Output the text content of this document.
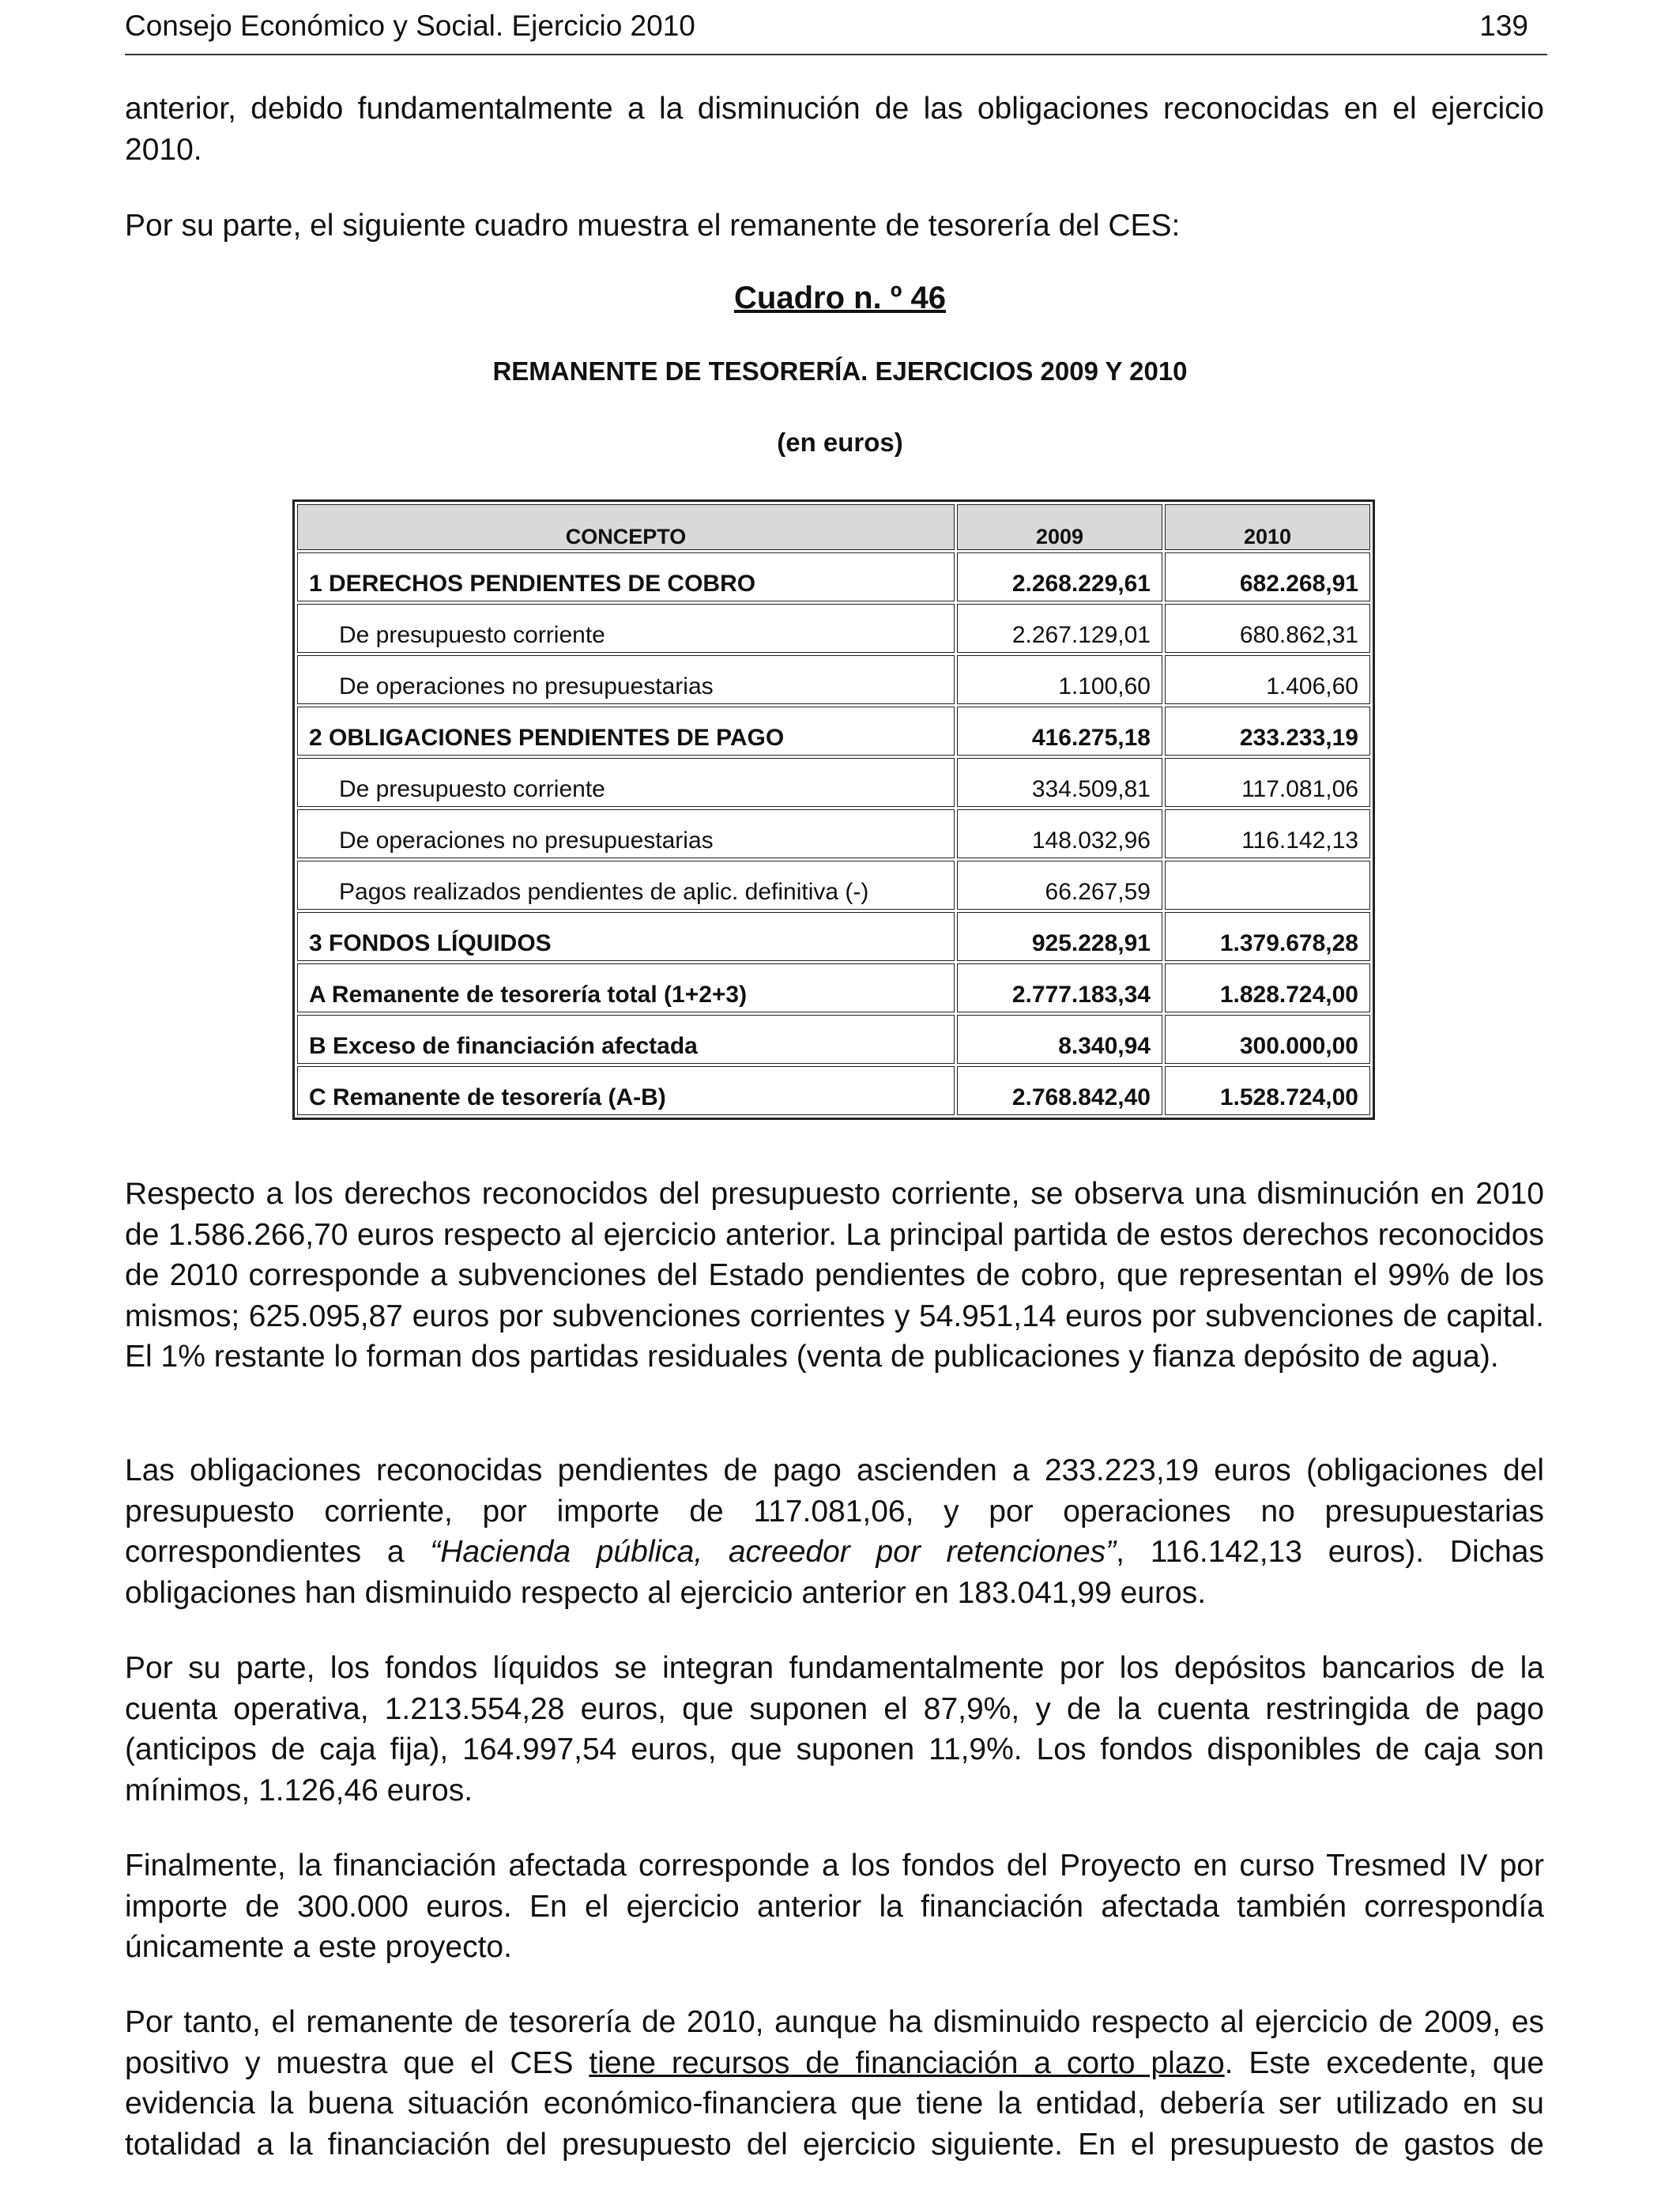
Consejo Económico y Social. Ejercicio 2010	139

anterior, debido fundamentalmente a la disminución de las obligaciones reconocidas en el ejercicio 2010.

Por su parte, el siguiente cuadro muestra el remanente de tesorería del CES:

Cuadro n. º 46
REMANENTE DE TESORERÍA. EJERCICIOS 2009 Y 2010
(en euros)
CONCEPTO	2009	2010
1 DERECHOS PENDIENTES DE COBRO	2.268.229,61	682.268,91
De presupuesto corriente	2.267.129,01	680.862,31
De operaciones no presupuestarias	1.100,60	1.406,60
2 OBLIGACIONES PENDIENTES DE PAGO	416.275,18	233.233,19
De presupuesto corriente	334.509,81	117.081,06
De operaciones no presupuestarias	148.032,96	116.142,13
Pagos realizados pendientes de aplic. definitiva (-)	66.267,59	
3 FONDOS LÍQUIDOS	925.228,91	1.379.678,28
A Remanente de tesorería total (1+2+3)	2.777.183,34	1.828.724,00
B Exceso de financiación afectada	8.340,94	300.000,00
C Remanente de tesorería (A-B)	2.768.842,40	1.528.724,00

Respecto a los derechos reconocidos del presupuesto corriente, se observa una disminución en 2010 de 1.586.266,70 euros respecto al ejercicio anterior. La principal partida de estos derechos reconocidos de 2010 corresponde a subvenciones del Estado pendientes de cobro, que representan el 99% de los mismos; 625.095,87 euros por subvenciones corrientes y 54.951,14 euros por subvenciones de capital. El 1% restante lo forman dos partidas residuales (venta de publicaciones y fianza depósito de agua).

Las obligaciones reconocidas pendientes de pago ascienden a 233.223,19 euros (obligaciones del presupuesto corriente, por importe de 117.081,06, y por operaciones no presupuestarias correspondientes a “Hacienda pública, acreedor por retenciones”, 116.142,13 euros). Dichas obligaciones han disminuido respecto al ejercicio anterior en 183.041,99 euros.

Por su parte, los fondos líquidos se integran fundamentalmente por los depósitos bancarios de la cuenta operativa, 1.213.554,28 euros, que suponen el 87,9%, y de la cuenta restringida de pago (anticipos de caja fija), 164.997,54 euros, que suponen 11,9%. Los fondos disponibles de caja son mínimos, 1.126,46 euros.

Finalmente, la financiación afectada corresponde a los fondos del Proyecto en curso Tresmed IV por importe de 300.000 euros. En el ejercicio anterior la financiación afectada también correspondía únicamente a este proyecto.

Por tanto, el remanente de tesorería de 2010, aunque ha disminuido respecto al ejercicio de 2009, es positivo y muestra que el CES tiene recursos de financiación a corto plazo. Este excedente, que evidencia la buena situación económico-financiera que tiene la entidad, debería ser utilizado en su totalidad a la financiación del presupuesto del ejercicio siguiente. En el presupuesto de gastos de
